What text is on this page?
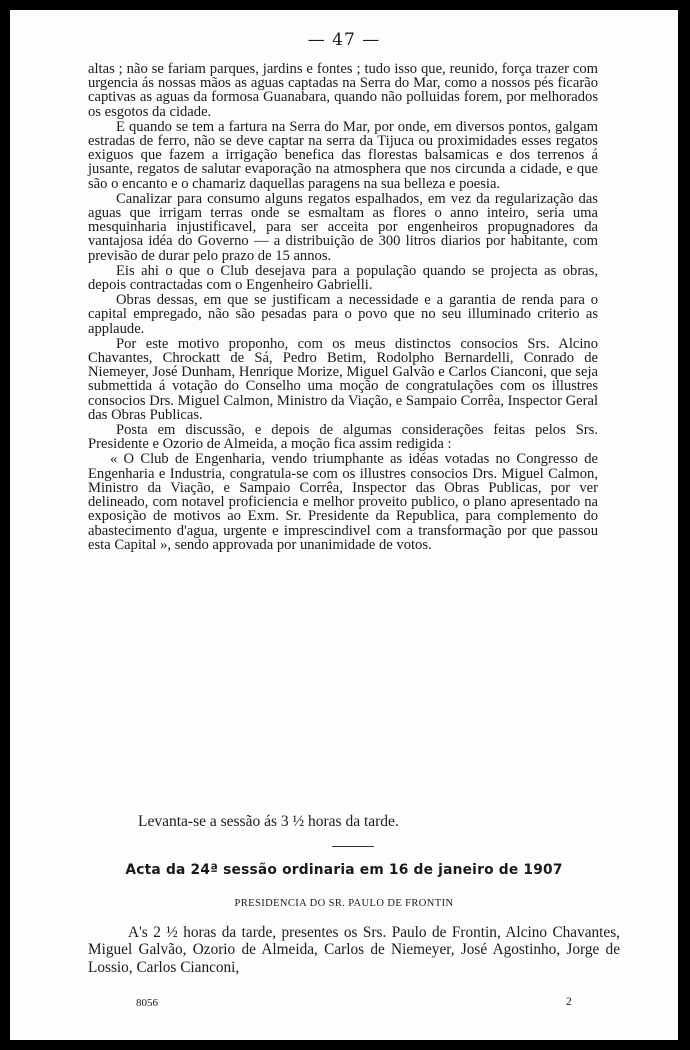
— 47 —

altas ; não se fariam parques, jardins e fontes ; tudo isso que, reunido, força trazer com urgencia ás nossas mãos as aguas captadas na Serra do Mar, como a nossos pés ficarão captivas as aguas da formosa Guanabara, quando não polluidas forem, por melhorados os esgotos da cidade.

E quando se tem a fartura na Serra do Mar, por onde, em diversos pontos, galgam estradas de ferro, não se deve captar na serra da Tijuca ou proximidades esses regatos exiguos que fazem a irrigação benefica das florestas balsamicas e dos terrenos á jusante, regatos de salutar evaporação na atmosphera que nos circunda a cidade, e que são o encanto e o chamariz daquellas paragens na sua belleza e poesia.

Canalizar para consumo alguns regatos espalhados, em vez da regularização das aguas que irrigam terras onde se esmaltam as flores o anno inteiro, seria uma mesquinharia injustificavel, para ser acceita por engenheiros propugnadores da vantajosa idéa do Governo — a distribuição de 300 litros diarios por habitante, com previsão de durar pelo prazo de 15 annos.

Eis ahi o que o Club desejava para a população quando se projecta as obras, depois contractadas com o Engenheiro Gabrielli.

Obras dessas, em que se justificam a necessidade e a garantia de renda para o capital empregado, não são pesadas para o povo que no seu illuminado criterio as applaude.

Por este motivo proponho, com os meus distinctos consocios Srs. Alcino Chavantes, Chrockatt de Sá, Pedro Betim, Rodolpho Bernardelli, Conrado de Niemeyer, José Dunham, Henrique Morize, Miguel Galvão e Carlos Cianconi, que seja submettida á votação do Conselho uma moção de congratulações com os illustres consocios Drs. Miguel Calmon, Ministro da Viação, e Sampaio Corrêa, Inspector Geral das Obras Publicas.

Posta em discussão, e depois de algumas considerações feitas pelos Srs. Presidente e Ozorio de Almeida, a moção fica assim redigida :

« O Club de Engenharia, vendo triumphante as idéas votadas no Congresso de Engenharia e Industria, congratula-se com os illustres consocios Drs. Miguel Calmon, Ministro da Viação, e Sampaio Corrêa, Inspector das Obras Publicas, por ver delineado, com notavel proficiencia e melhor proveito publico, o plano apresentado na exposição de motivos ao Exm. Sr. Presidente da Republica, para complemento do abastecimento d'agua, urgente e imprescindivel com a transformação por que passou esta Capital », sendo approvada por unanimidade de votos.

Levanta-se a sessão ás 3 ½ horas da tarde.
Acta da 24ª sessão ordinaria em 16 de janeiro de 1907
PRESIDENCIA DO SR. PAULO DE FRONTIN

A's 2 ½ horas da tarde, presentes os Srs. Paulo de Frontin, Alcino Chavantes, Miguel Galvão, Ozorio de Almeida, Carlos de Niemeyer, José Agostinho, Jorge de Lossio, Carlos Cianconi,

8056	2
